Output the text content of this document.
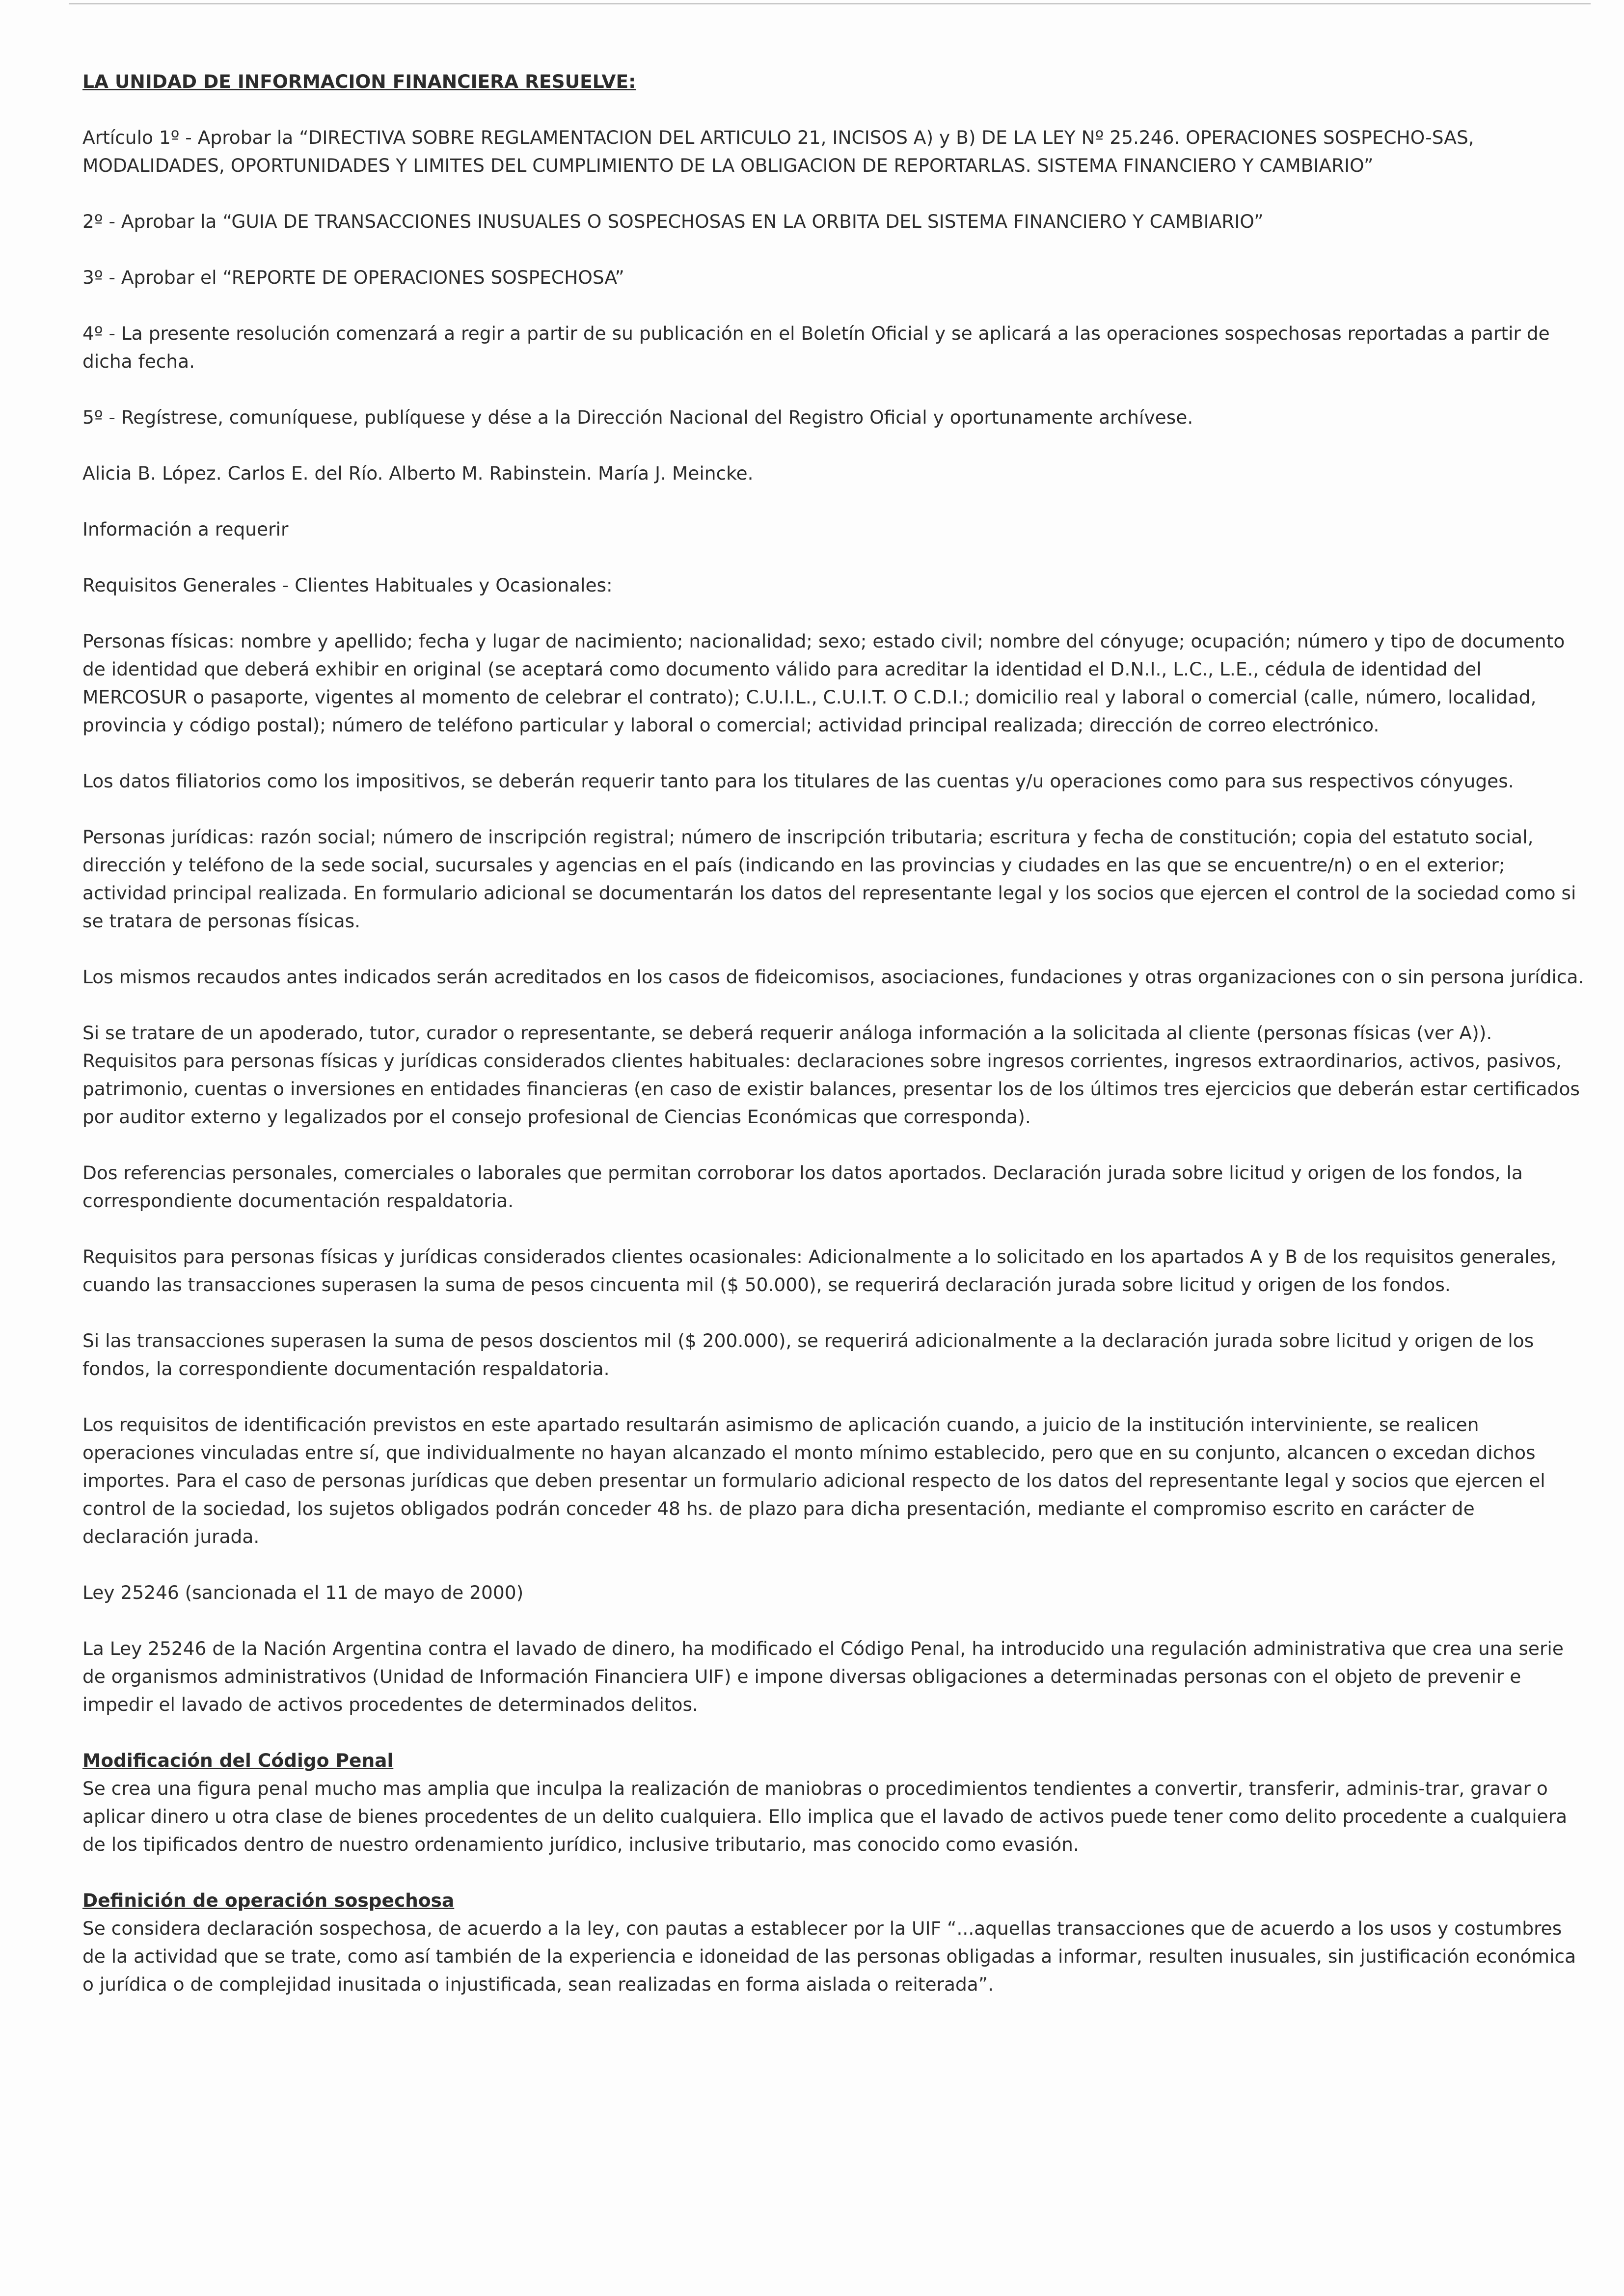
LA UNIDAD DE INFORMACION FINANCIERA RESUELVE:

Artículo 1º - Aprobar la “DIRECTIVA SOBRE REGLAMENTACION DEL ARTICULO 21, INCISOS A) y B) DE LA LEY Nº 25.246. OPERACIONES SOSPECHO-SAS, MODALIDADES, OPORTUNIDADES Y LIMITES DEL CUMPLIMIENTO DE LA OBLIGACION DE REPORTARLAS. SISTEMA FINANCIERO Y CAMBIARIO”

2º - Aprobar la “GUIA DE TRANSACCIONES INUSUALES O SOSPECHOSAS EN LA ORBITA DEL SISTEMA FINANCIERO Y CAMBIARIO”

3º - Aprobar el “REPORTE DE OPERACIONES SOSPECHOSA”

4º - La presente resolución comenzará a regir a partir de su publicación en el Boletín Oficial y se aplicará a las operaciones sospechosas reportadas a partir de dicha fecha.

5º - Regístrese, comuníquese, publíquese y dése a la Dirección Nacional del Registro Oficial y oportunamente archívese.

Alicia B. López. Carlos E. del Río. Alberto M. Rabinstein. María J. Meincke.

Información a requerir

Requisitos Generales - Clientes Habituales y Ocasionales:

Personas físicas: nombre y apellido; fecha y lugar de nacimiento; nacionalidad; sexo; estado civil; nombre del cónyuge; ocupación; número y tipo de documento de identidad que deberá exhibir en original (se aceptará como documento válido para acreditar la identidad el D.N.I., L.C., L.E., cédula de identidad del MERCOSUR o pasaporte, vigentes al momento de celebrar el contrato); C.U.I.L., C.U.I.T. O C.D.I.; domicilio real y laboral o comercial (calle, número, localidad, provincia y código postal); número de teléfono particular y laboral o comercial; actividad principal realizada; dirección de correo electrónico.

Los datos filiatorios como los impositivos, se deberán requerir tanto para los titulares de las cuentas y/u operaciones como para sus respectivos cónyuges.

Personas jurídicas: razón social; número de inscripción registral; número de inscripción tributaria; escritura y fecha de constitución; copia del estatuto social, dirección y teléfono de la sede social, sucursales y agencias en el país (indicando en las provincias y ciudades en las que se encuentre/n) o en el exterior; actividad principal realizada. En formulario adicional se documentarán los datos del representante legal y los socios que ejercen el control de la sociedad como si se tratara de personas físicas.

Los mismos recaudos antes indicados serán acreditados en los casos de fideicomisos, asociaciones, fundaciones y otras organizaciones con o sin persona jurídica.

Si se tratare de un apoderado, tutor, curador o representante, se deberá requerir análoga información a la solicitada al cliente (personas físicas (ver A)).

Requisitos para personas físicas y jurídicas considerados clientes habituales: declaraciones sobre ingresos corrientes, ingresos extraordinarios, activos, pasivos, patrimonio, cuentas o inversiones en entidades financieras (en caso de existir balances, presentar los de los últimos tres ejercicios que deberán estar certificados por auditor externo y legalizados por el consejo profesional de Ciencias Económicas que corresponda).

Dos referencias personales, comerciales o laborales que permitan corroborar los datos aportados. Declaración jurada sobre licitud y origen de los fondos, la correspondiente documentación respaldatoria.

Requisitos para personas físicas y jurídicas considerados clientes ocasionales: Adicionalmente a lo solicitado en los apartados A y B de los requisitos generales, cuando las transacciones superasen la suma de pesos cincuenta mil ($ 50.000), se requerirá declaración jurada sobre licitud y origen de los fondos.

Si las transacciones superasen la suma de pesos doscientos mil ($ 200.000), se requerirá adicionalmente a la declaración jurada sobre licitud y origen de los fondos, la correspondiente documentación respaldatoria.

Los requisitos de identificación previstos en este apartado resultarán asimismo de aplicación cuando, a juicio de la institución interviniente, se realicen operaciones vinculadas entre sí, que individualmente no hayan alcanzado el monto mínimo establecido, pero que en su conjunto, alcancen o excedan dichos importes. Para el caso de personas jurídicas que deben presentar un formulario adicional respecto de los datos del representante legal y socios que ejercen el control de la sociedad, los sujetos obligados podrán conceder 48 hs. de plazo para dicha presentación, mediante el compromiso escrito en carácter de declaración jurada.

Ley 25246 (sancionada el 11 de mayo de 2000)

La Ley 25246 de la Nación Argentina contra el lavado de dinero, ha modificado el Código Penal, ha introducido una regulación administrativa que crea una serie de organismos administrativos (Unidad de Información Financiera UIF) e impone diversas obligaciones a determinadas personas con el objeto de prevenir e impedir el lavado de activos procedentes de determinados delitos.

Modificación del Código Penal

Se crea una figura penal mucho mas amplia que inculpa la realización de maniobras o procedimientos tendientes a convertir, transferir, adminis-trar, gravar o aplicar dinero u otra clase de bienes procedentes de un delito cualquiera. Ello implica que el lavado de activos puede tener como delito procedente a cualquiera de los tipificados dentro de nuestro ordenamiento jurídico, inclusive tributario, mas conocido como evasión.

Definición de operación sospechosa

Se considera declaración sospechosa, de acuerdo a la ley, con pautas a establecer por la UIF “...aquellas transacciones que de acuerdo a los usos y costumbres de la actividad que se trate, como así también de la experiencia e idoneidad de las personas obligadas a informar, resulten inusuales, sin justificación económica o jurídica o de complejidad inusitada o injustificada, sean realizadas en forma aislada o reiterada”.
